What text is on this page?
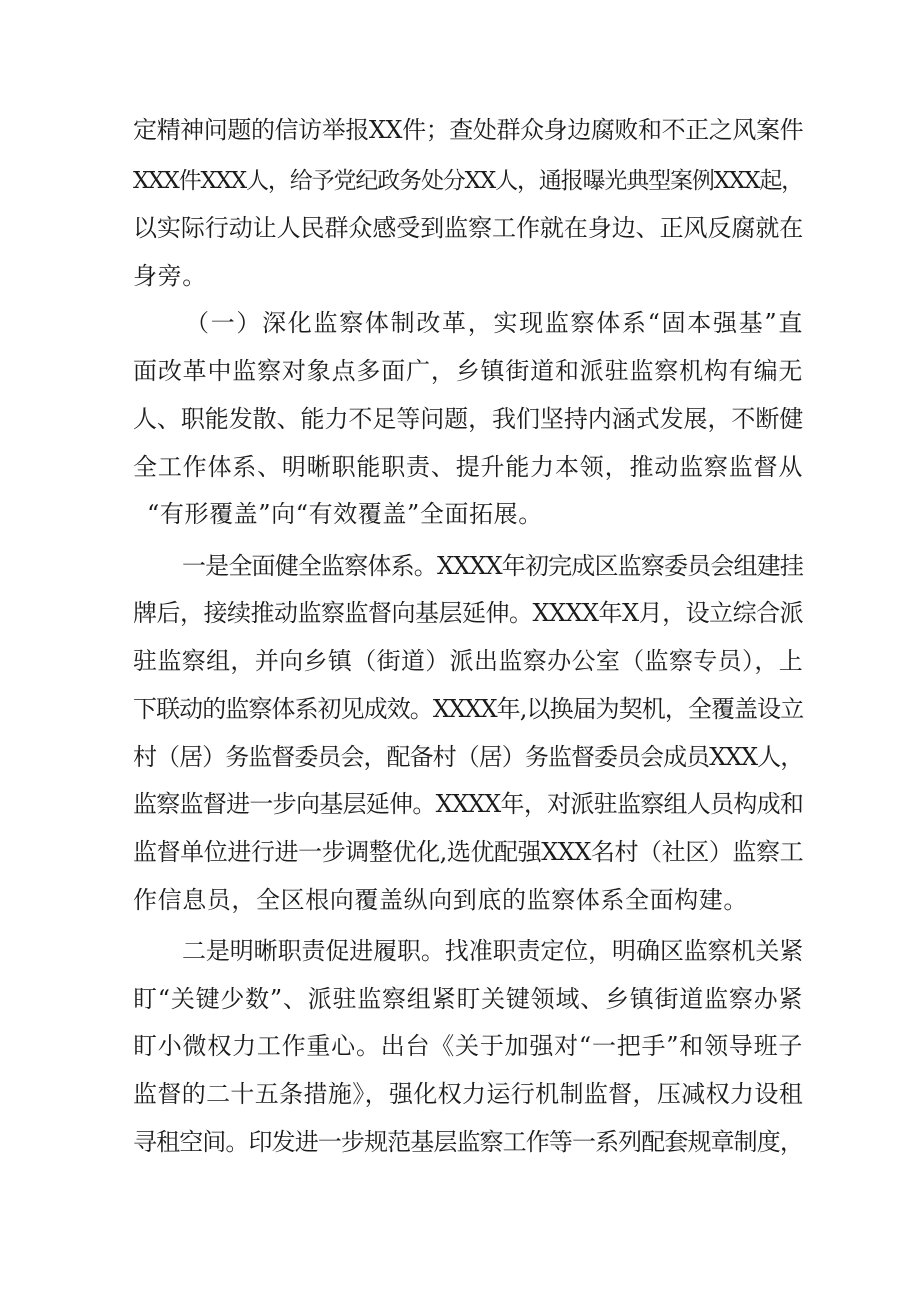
定精神问题的信访举报XX件；查处群众身边腐败和不正之风案件
XXX件XXX人，给予党纪政务处分XX人，通报曝光典型案例XXX起，
以实际行动让人民群众感受到监察工作就在身边、正风反腐就在
身旁。
（一）深化监察体制改革，实现监察体系“固本强基”直
面改革中监察对象点多面广，乡镇街道和派驻监察机构有编无
人、职能发散、能力不足等问题，我们坚持内涵式发展，不断健
全工作体系、明晰职能职责、提升能力本领，推动监察监督从
“有形覆盖”向“有效覆盖”全面拓展。
一是全面健全监察体系。XXXX年初完成区监察委员会组建挂
牌后，接续推动监察监督向基层延伸。XXXX年X月，设立综合派
驻监察组，并向乡镇（街道）派出监察办公室（监察专员），上
下联动的监察体系初见成效。XXXX年,以换届为契机，全覆盖设立
村（居）务监督委员会，配备村（居）务监督委员会成员XXX人，
监察监督进一步向基层延伸。XXXX年，对派驻监察组人员构成和
监督单位进行进一步调整优化,选优配强XXX名村（社区）监察工
作信息员，全区根向覆盖纵向到底的监察体系全面构建。
二是明晰职责促进履职。找准职责定位，明确区监察机关紧
盯“关键少数”、派驻监察组紧盯关键领域、乡镇街道监察办紧
盯小微权力工作重心。出台《关于加强对“一把手”和领导班子
监督的二十五条措施》，强化权力运行机制监督，压减权力设租
寻租空间。印发进一步规范基层监察工作等一系列配套规章制度，
